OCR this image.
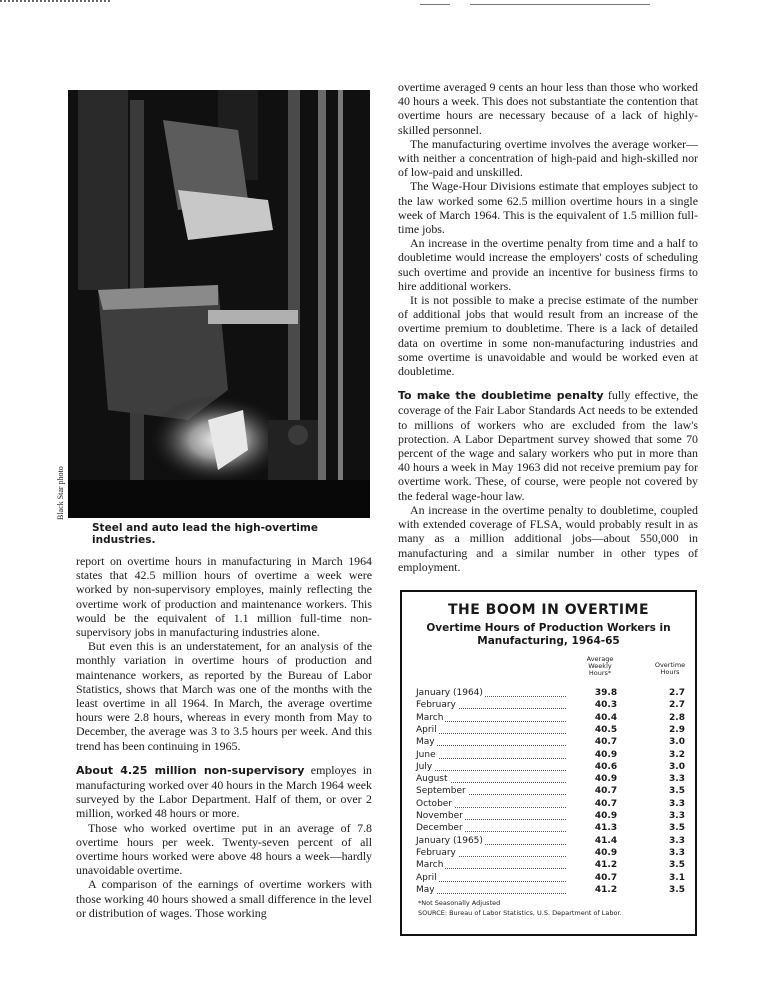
Black Star photo
Steel and auto lead the high-overtime industries.

report on overtime hours in manufacturing in March 1964 states that 42.5 million hours of overtime a week were worked by non-supervisory employes, mainly reflecting the overtime work of production and maintenance workers. This would be the equivalent of 1.1 million full-time non-supervisory jobs in manufacturing industries alone.

But even this is an understatement, for an analysis of the monthly variation in overtime hours of production and maintenance workers, as reported by the Bureau of Labor Statistics, shows that March was one of the months with the least overtime in all 1964. In March, the average overtime hours were 2.8 hours, whereas in every month from May to December, the average was 3 to 3.5 hours per week. And this trend has been continuing in 1965.

About 4.25 million non-supervisory employes in manufacturing worked over 40 hours in the March 1964 week surveyed by the Labor Department. Half of them, or over 2 million, worked 48 hours or more.

Those who worked overtime put in an average of 7.8 overtime hours per week. Twenty-seven percent of all overtime hours worked were above 48 hours a week—hardly unavoidable overtime.

A comparison of the earnings of overtime workers with those working 40 hours showed a small difference in the level or distribution of wages. Those working

overtime averaged 9 cents an hour less than those who worked 40 hours a week. This does not substantiate the contention that overtime hours are necessary because of a lack of highly-skilled personnel.

The manufacturing overtime involves the average worker—with neither a concentration of high-paid and high-skilled nor of low-paid and unskilled.

The Wage-Hour Divisions estimate that employes subject to the law worked some 62.5 million overtime hours in a single week of March 1964. This is the equivalent of 1.5 million full-time jobs.

An increase in the overtime penalty from time and a half to doubletime would increase the employers' costs of scheduling such overtime and provide an incentive for business firms to hire additional workers.

It is not possible to make a precise estimate of the number of additional jobs that would result from an increase of the overtime premium to doubletime. There is a lack of detailed data on overtime in some non-manufacturing industries and some overtime is unavoidable and would be worked even at doubletime.

To make the doubletime penalty fully effective, the coverage of the Fair Labor Standards Act needs to be extended to millions of workers who are excluded from the law's protection. A Labor Department survey showed that some 70 percent of the wage and salary workers who put in more than 40 hours a week in May 1963 did not receive premium pay for overtime work. These, of course, were people not covered by the federal wage-hour law.

An increase in the overtime penalty to doubletime, coupled with extended coverage of FLSA, would probably result in as many as a million additional jobs—about 550,000 in manufacturing and a similar number in other types of employment.

THE BOOM IN OVERTIME
Overtime Hours of Production Workers in Manufacturing, 1964-65
Average Weekly Hours*
Overtime Hours
January (1964)	39.8	2.7
February	40.3	2.7
March	40.4	2.8
April	40.5	2.9
May	40.7	3.0
June	40.9	3.2
July	40.6	3.0
August	40.9	3.3
September	40.7	3.5
October	40.7	3.3
November	40.9	3.3
December	41.3	3.5
January (1965)	41.4	3.3
February	40.9	3.3
March	41.2	3.5
April	40.7	3.1
May	41.2	3.5
*Not Seasonally Adjusted
SOURCE: Bureau of Labor Statistics, U.S. Department of Labor.
